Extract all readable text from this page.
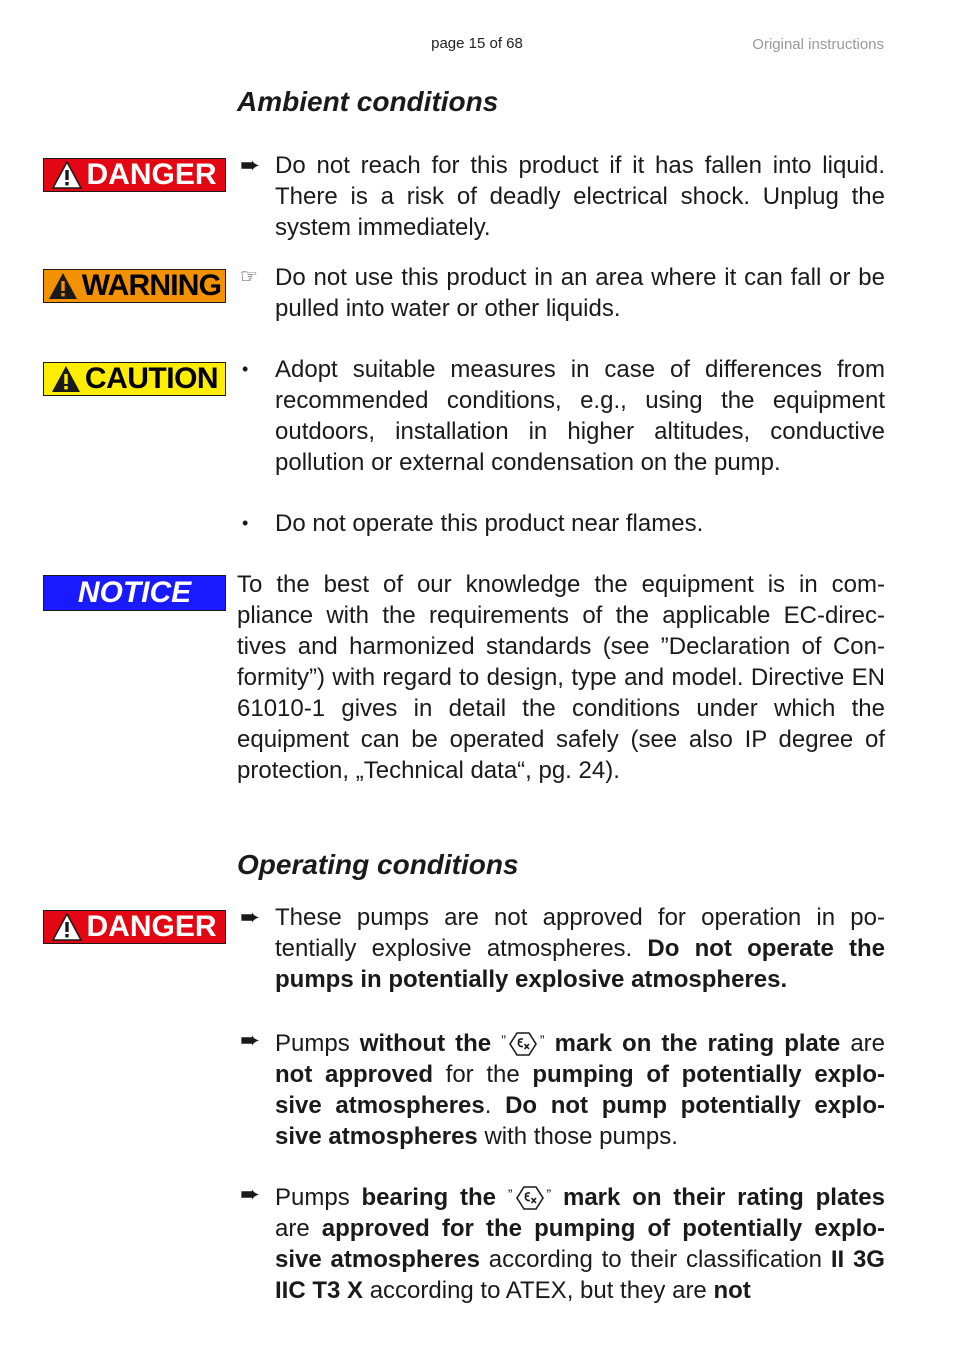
page 15 of 68	Original instructions
Ambient conditions
DANGER ➨ Do not reach for this product if it has fallen into liquid. There is a risk of deadly electrical shock. Unplug the system immediately.
WARNING ☞ Do not use this product in an area where it can fall or be pulled into water or other liquids.
CAUTION •	Adopt suitable measures in case of differences from recommended conditions, e.g., using the equipment outdoors, installation in higher altitudes, conductive pollution or external condensation on the pump.
•	Do not operate this product near flames.
NOTICE To the best of our knowledge the equipment is in com-pliance with the requirements of the applicable EC-direc-tives and harmonized standards (see ”Declaration of Con-formity”) with regard to design, type and model. Directive EN 61010-1 gives in detail the conditions under which the equipment can be operated safely (see also IP degree of protection, „Technical data“, pg. 24).
Operating conditions
DANGER ➨ These pumps are not approved for operation in po-tentially explosive atmospheres. Do not operate the pumps in potentially explosive atmospheres.
➨ Pumps without the ” ” mark on the rating plate are not approved for the pumping of potentially explo-sive atmospheres. Do not pump potentially explo-sive atmospheres with those pumps.
➨ Pumps bearing the ” ” mark on their rating plates are approved for the pumping of potentially explo-sive atmospheres according to their classification II 3G IIC T3 X according to ATEX, but they are not
